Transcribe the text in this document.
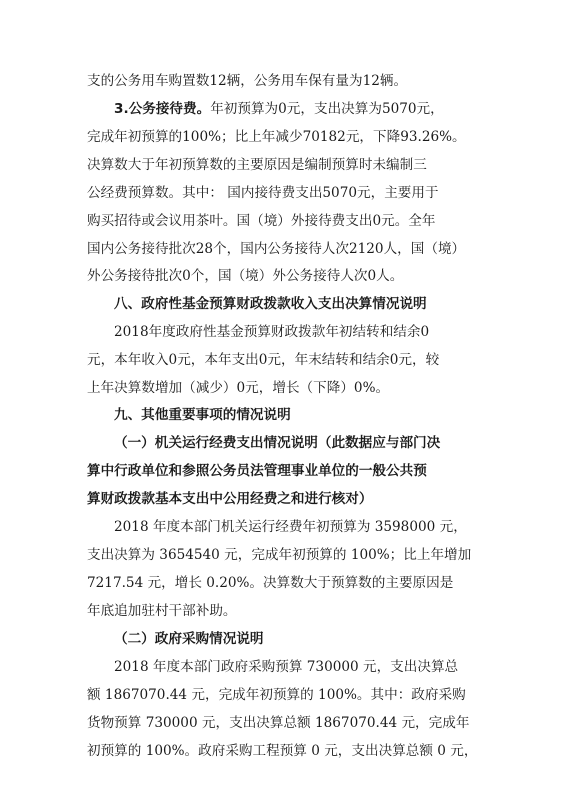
支的公务用车购置数12辆，公务用车保有量为12辆。
3.公务接待费。年初预算为0元，支出决算为5070元，
完成年初预算的100%；比上年减少70182元，下降93.26%。
决算数大于年初预算数的主要原因是编制预算时未编制三
公经费预算数。其中： 国内接待费支出5070元，主要用于
购买招待或会议用茶叶。国（境）外接待费支出0元。全年
国内公务接待批次28个，国内公务接待人次2120人，国（境）
外公务接待批次0个，国（境）外公务接待人次0人。
八、政府性基金预算财政拨款收入支出决算情况说明
2018年度政府性基金预算财政拨款年初结转和结余0
元，本年收入0元，本年支出0元，年末结转和结余0元，较
上年决算数增加（减少）0元，增长（下降）0%。
九、其他重要事项的情况说明
（一）机关运行经费支出情况说明（此数据应与部门决
算中行政单位和参照公务员法管理事业单位的一般公共预
算财政拨款基本支出中公用经费之和进行核对）
2018 年度本部门机关运行经费年初预算为 3598000 元，
支出决算为 3654540 元，完成年初预算的 100%；比上年增加
7217.54 元，增长 0.20%。决算数大于预算数的主要原因是
年底追加驻村干部补助。
（二）政府采购情况说明
2018 年度本部门政府采购预算 730000 元，支出决算总
额 1867070.44 元，完成年初预算的 100%。其中：政府采购
货物预算 730000 元，支出决算总额 1867070.44 元，完成年
初预算的 100%。政府采购工程预算 0 元，支出决算总额 0 元，
